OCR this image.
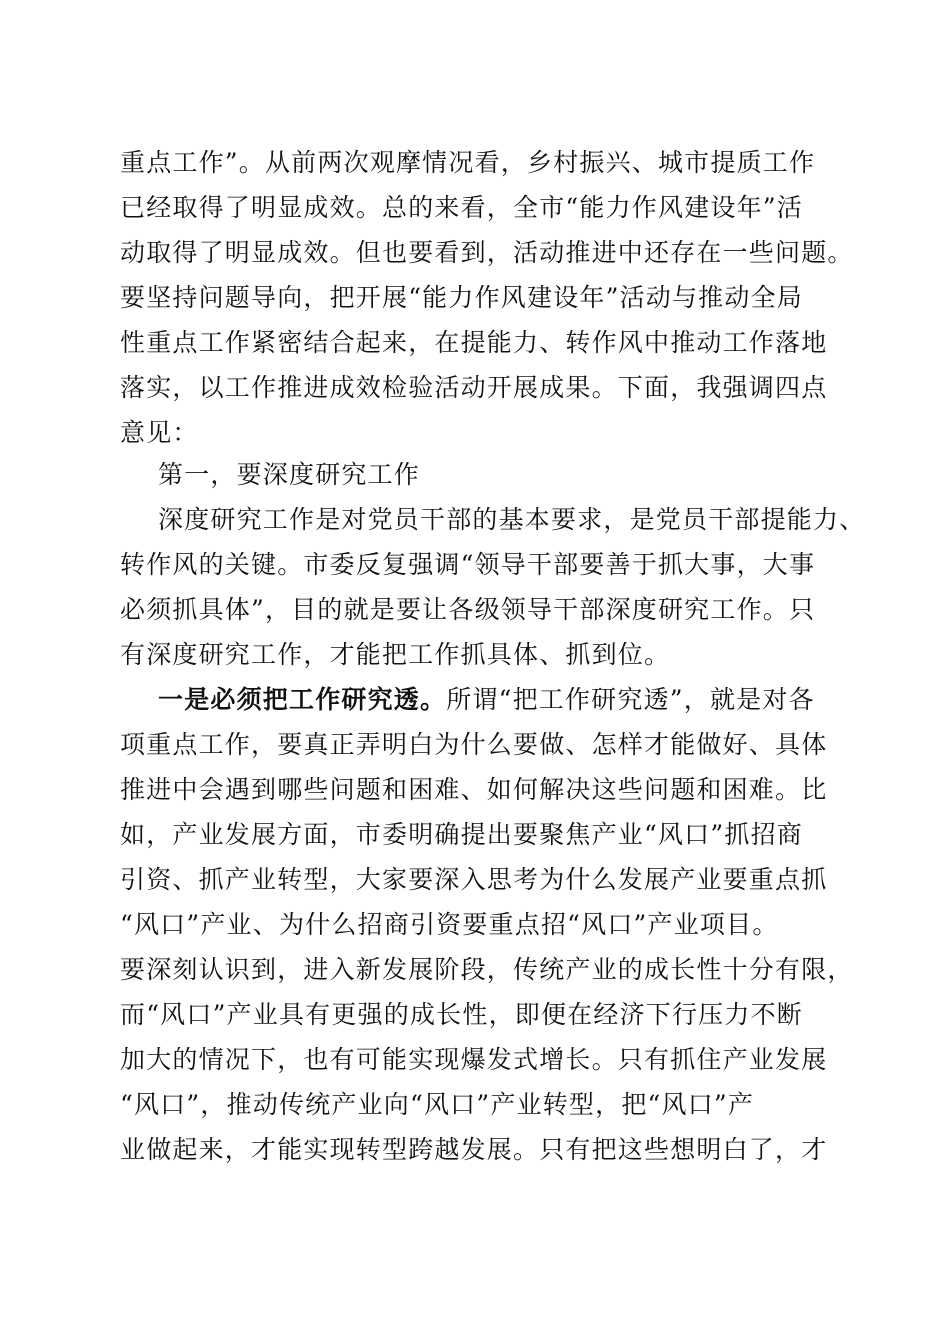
重点工作”。从前两次观摩情况看，乡村振兴、城市提质工作
已经取得了明显成效。总的来看，全市“能力作风建设年”活
动取得了明显成效。但也要看到，活动推进中还存在一些问题。
要坚持问题导向，把开展“能力作风建设年”活动与推动全局
性重点工作紧密结合起来，在提能力、转作风中推动工作落地
落实，以工作推进成效检验活动开展成果。下面，我强调四点
意见：
第一，要深度研究工作
深度研究工作是对党员干部的基本要求，是党员干部提能力、
转作风的关键。市委反复强调“领导干部要善于抓大事，大事
必须抓具体”，目的就是要让各级领导干部深度研究工作。只
有深度研究工作，才能把工作抓具体、抓到位。
一是必须把工作研究透。所谓“把工作研究透”，就是对各
项重点工作，要真正弄明白为什么要做、怎样才能做好、具体
推进中会遇到哪些问题和困难、如何解决这些问题和困难。比
如，产业发展方面，市委明确提出要聚焦产业“风口”抓招商
引资、抓产业转型，大家要深入思考为什么发展产业要重点抓
“风口”产业、为什么招商引资要重点招“风口”产业项目。
要深刻认识到，进入新发展阶段，传统产业的成长性十分有限，
而“风口”产业具有更强的成长性，即便在经济下行压力不断
加大的情况下，也有可能实现爆发式增长。只有抓住产业发展
“风口”，推动传统产业向“风口”产业转型，把“风口”产
业做起来，才能实现转型跨越发展。只有把这些想明白了，才
